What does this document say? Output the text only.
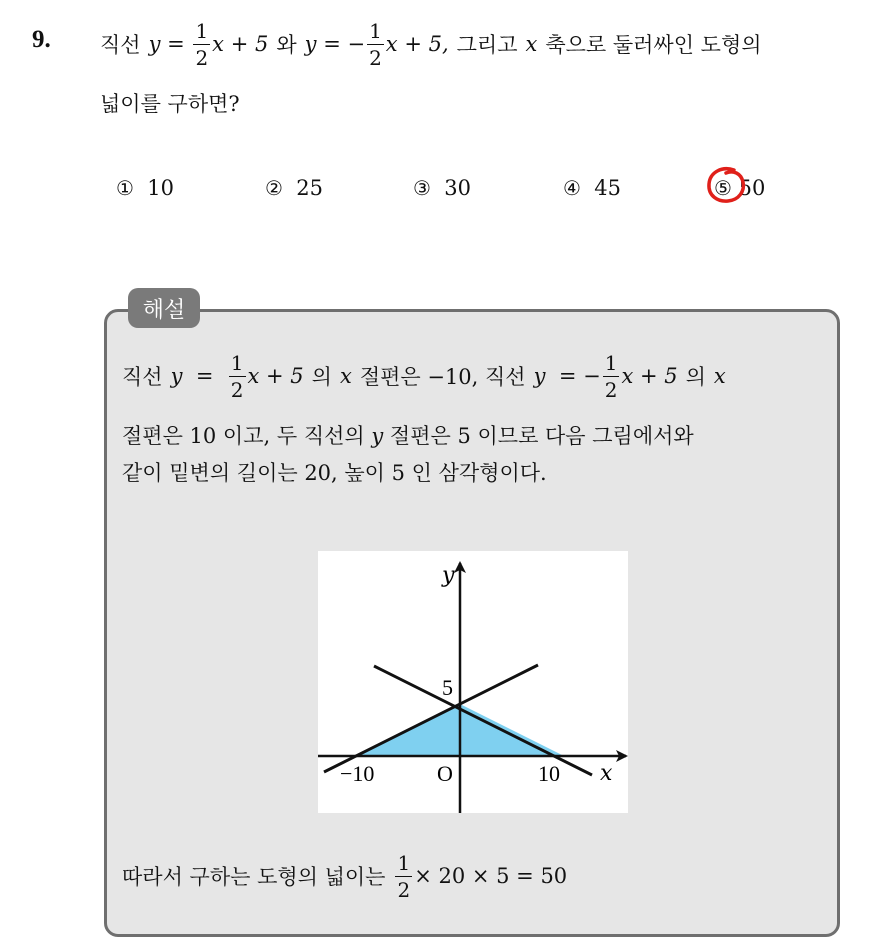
9. 직선 y
=
$\frac{1}{2}$ x + 5 와 y
= − $\frac{1}{2}$ x + 5, 그리고 x 축으로 둘러싸인 도형의
넓이를 구하면?
① 10	② 25	③ 30	④ 45	⑤ 50
해설
직선 y
=
$\frac{1}{2}$ x + 5 의 x 절편은 −10, 직선 y
= − $\frac{1}{2}$ x + 5 의 x
절편은 10 이고, 두 직선의 y 절편은 5 이므로 다음 그림에서와
같이 밑변의 길이는 20, 높이 5 인 삼각형이다.
y
x
5
O
−10	10
따라서 구하는 도형의 넓이는 $\frac{1}{2} \times 20 \times 5 = 50$
